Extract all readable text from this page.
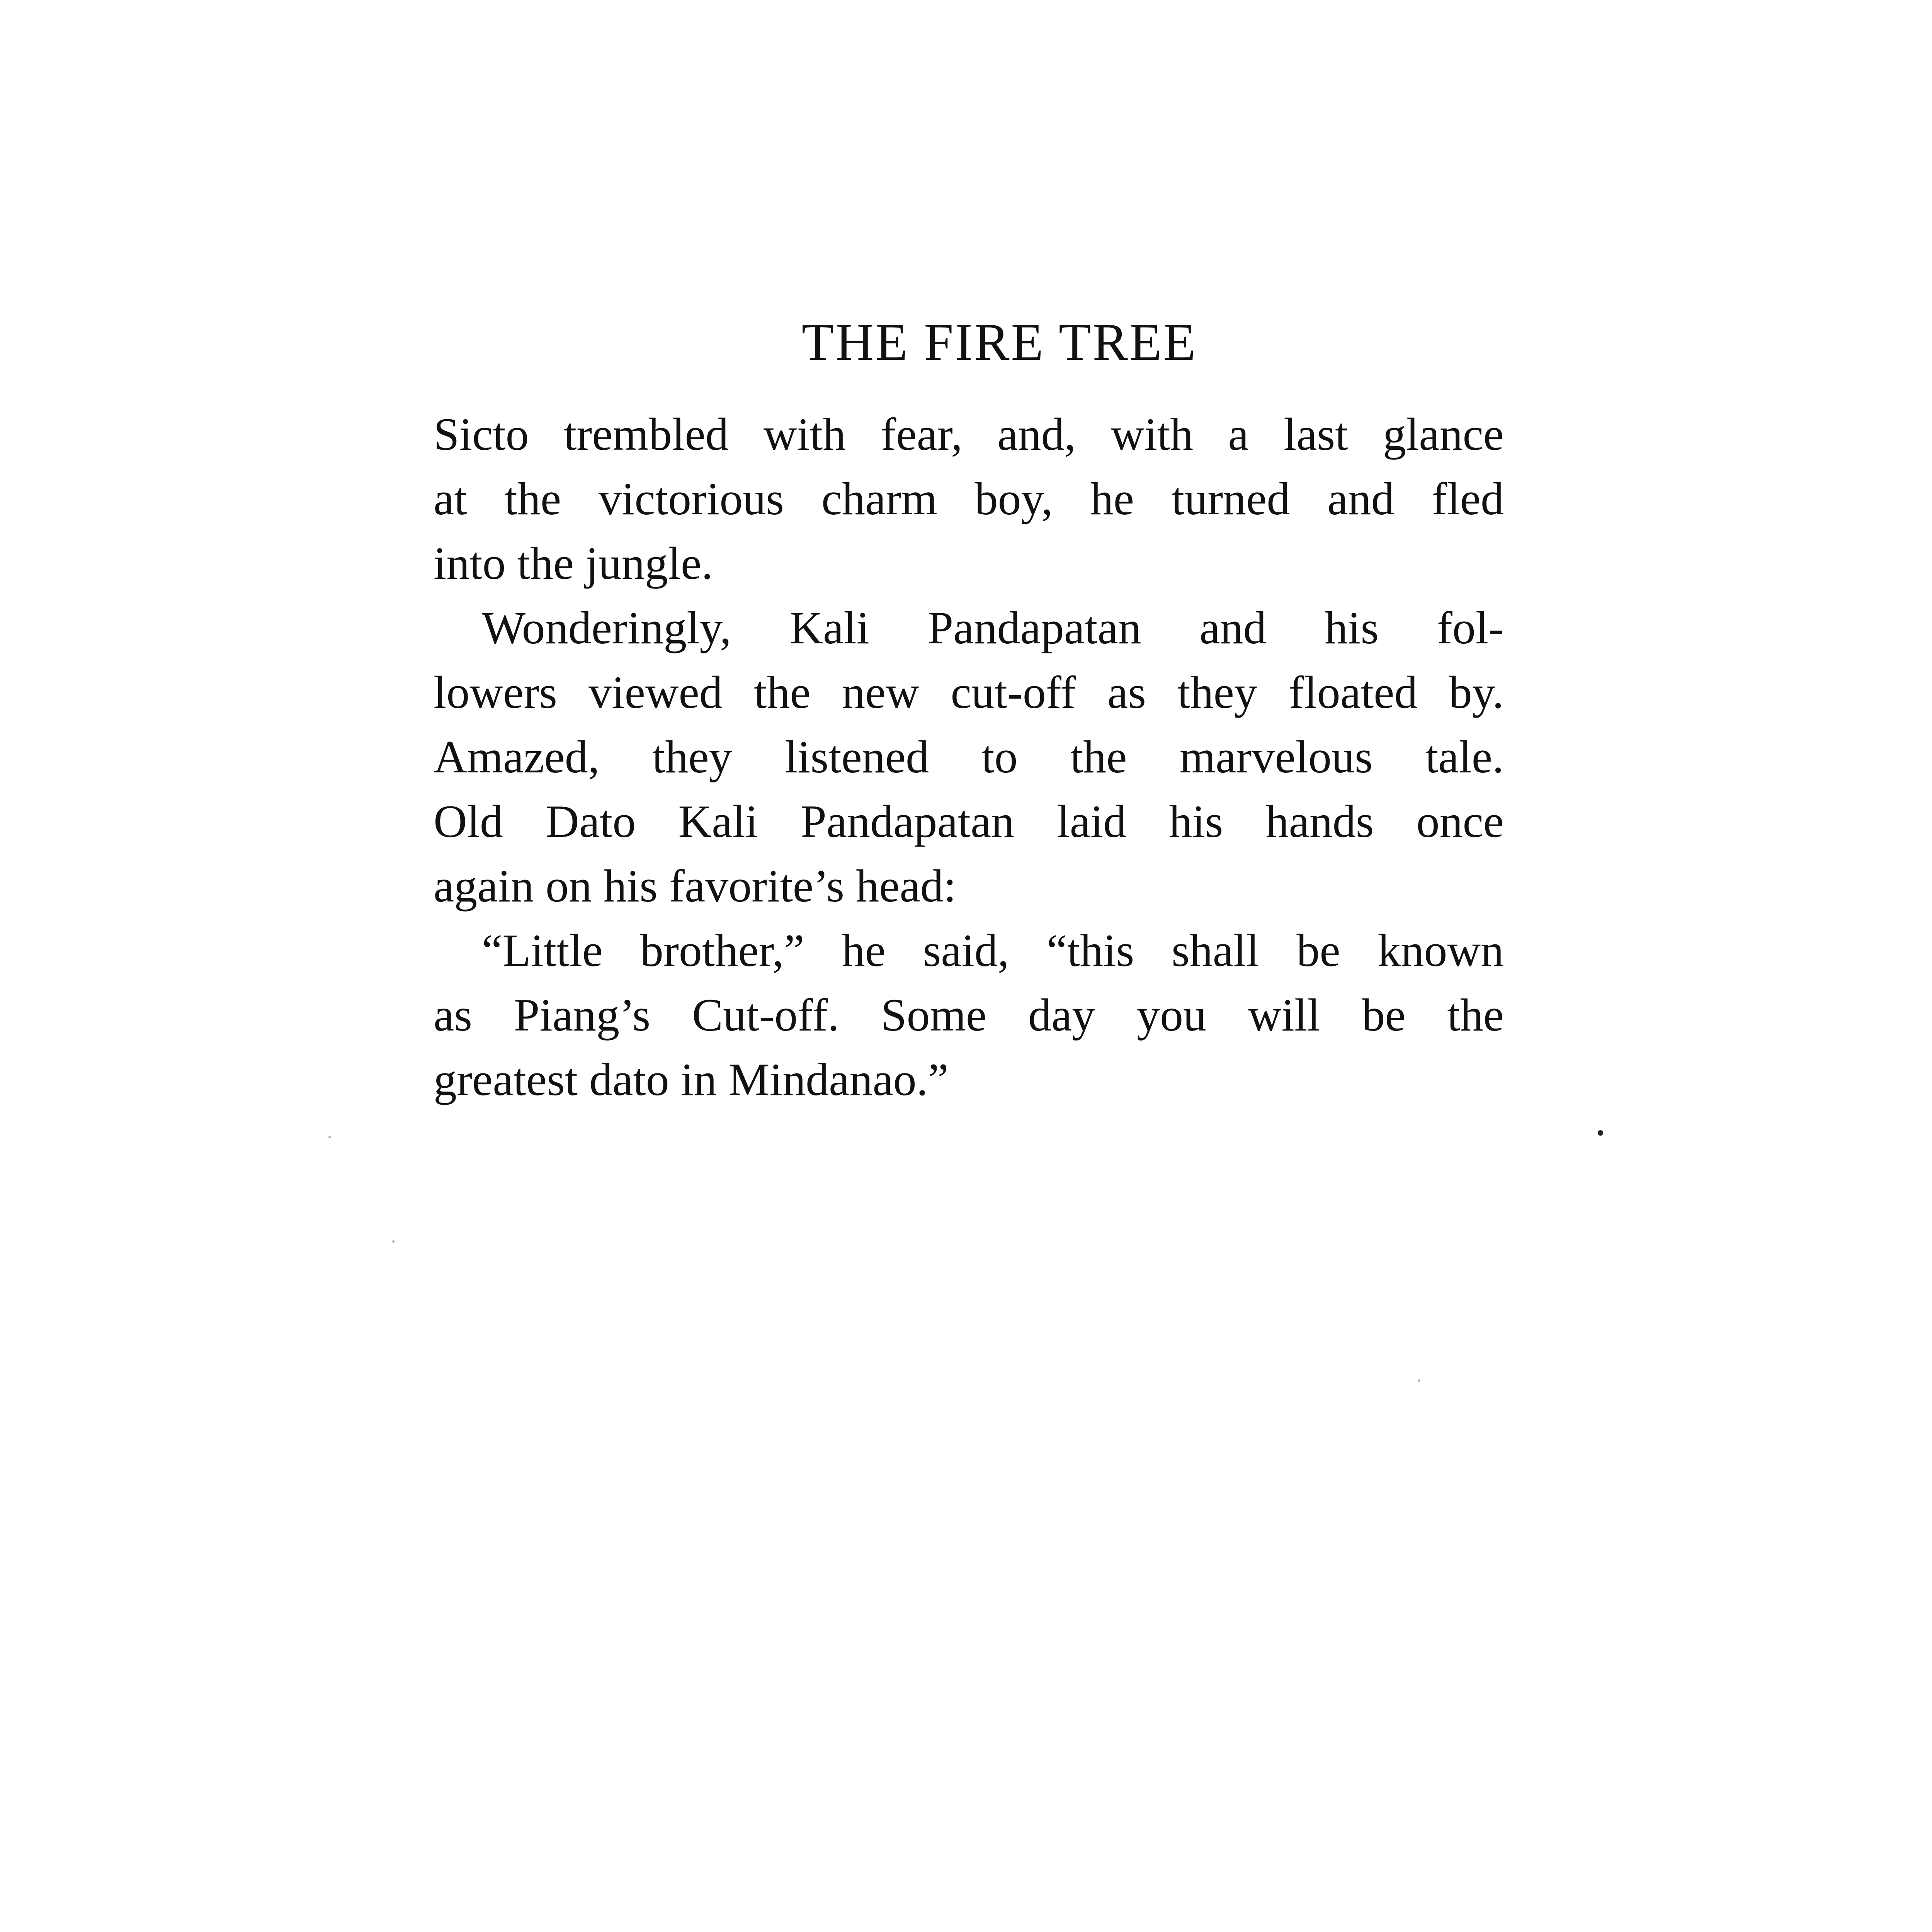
THE FIRE TREE

Sicto trembled with fear, and, with a last glance
at the victorious charm boy, he turned and fled
into the jungle.

Wonderingly, Kali Pandapatan and his fol-
lowers viewed the new cut-off as they floated by.
Amazed, they listened to the marvelous tale.
Old Dato Kali Pandapatan laid his hands once
again on his favorite’s head:

“Little brother,” he said, “this shall be known
as Piang’s Cut-off. Some day you will be the
greatest dato in Mindanao.”
